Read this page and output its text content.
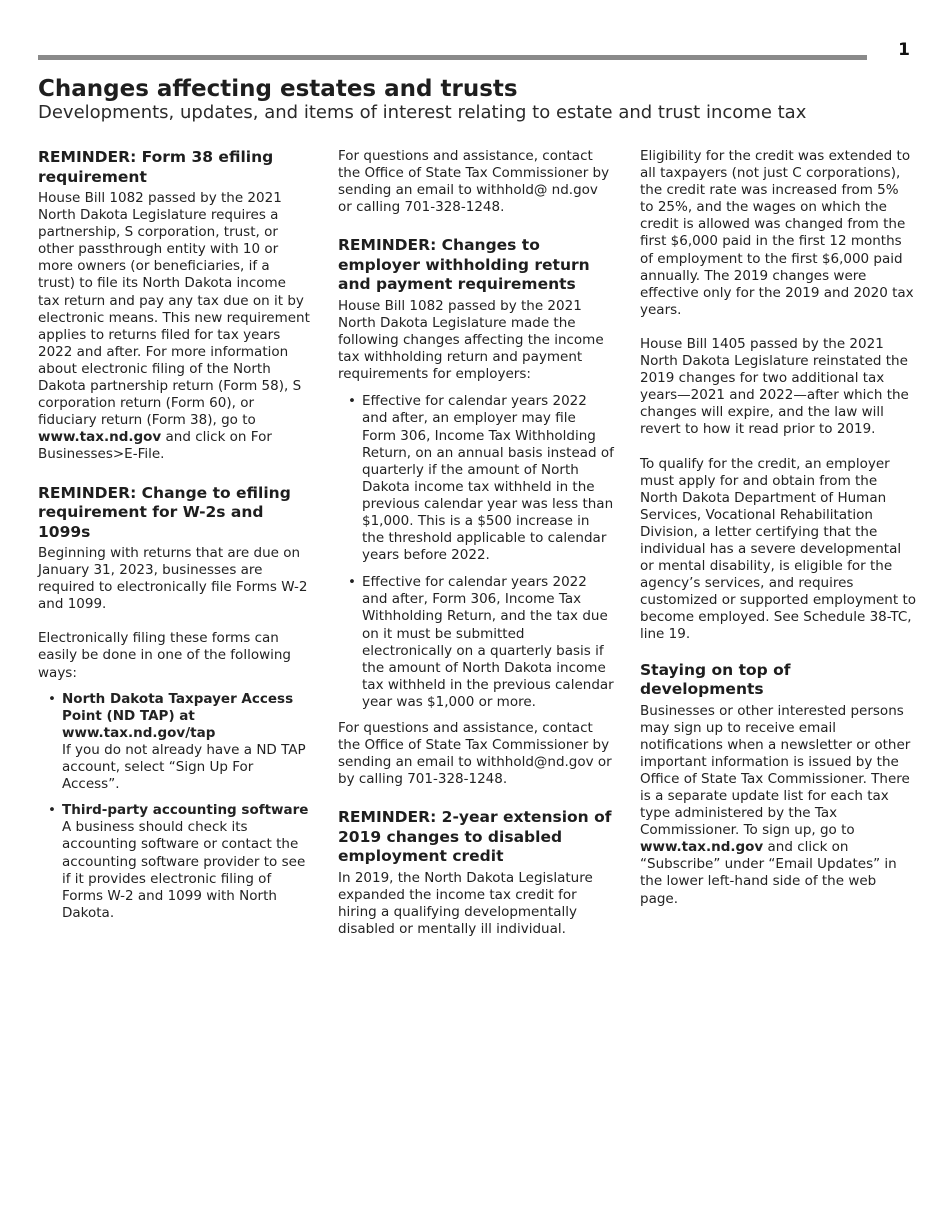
1
Changes affecting estates and trusts
Developments, updates, and items of interest relating to estate and trust income tax
REMINDER: Form 38 efiling requirement

House Bill 1082 passed by the 2021 North Dakota Legislature requires a partnership, S corporation, trust, or other passthrough entity with 10 or more owners (or beneficiaries, if a trust) to file its North Dakota income tax return and pay any tax due on it by electronic means. This new requirement applies to returns filed for tax years 2022 and after. For more information about electronic filing of the North Dakota partnership return (Form 58), S corporation return (Form 60), or fiduciary return (Form 38), go to www.tax.nd.gov and click on For Businesses>E-File.

REMINDER: Change to efiling requirement for W-2s and 1099s

Beginning with returns that are due on January 31, 2023, businesses are required to electronically file Forms W-2 and 1099.

Electronically filing these forms can easily be done in one of the following ways:

• North Dakota Taxpayer Access Point (ND TAP) at www.tax.nd.gov/tap
If you do not already have a ND TAP account, select “Sign Up For Access”.
• Third-party accounting software
A business should check its accounting software or contact the accounting software provider to see if it provides electronic filing of Forms W-2 and 1099 with North Dakota.

For questions and assistance, contact the Office of State Tax Commissioner by sending an email to withhold@ nd.gov or calling 701-328-1248.

REMINDER: Changes to employer withholding return and payment requirements

House Bill 1082 passed by the 2021 North Dakota Legislature made the following changes affecting the income tax withholding return and payment requirements for employers:

• Effective for calendar years 2022 and after, an employer may file Form 306, Income Tax Withholding Return, on an annual basis instead of quarterly if the amount of North Dakota income tax withheld in the previous calendar year was less than $1,000. This is a $500 increase in the threshold applicable to calendar years before 2022.
• Effective for calendar years 2022 and after, Form 306, Income Tax Withholding Return, and the tax due on it must be submitted electronically on a quarterly basis if the amount of North Dakota income tax withheld in the previous calendar year was $1,000 or more.

For questions and assistance, contact the Office of State Tax Commissioner by sending an email to withhold@nd.gov or by calling 701-328-1248.

REMINDER: 2-year extension of 2019 changes to disabled employment credit

In 2019, the North Dakota Legislature expanded the income tax credit for hiring a qualifying developmentally disabled or mentally ill individual.

Eligibility for the credit was extended to all taxpayers (not just C corporations), the credit rate was increased from 5% to 25%, and the wages on which the credit is allowed was changed from the first $6,000 paid in the first 12 months of employment to the first $6,000 paid annually. The 2019 changes were effective only for the 2019 and 2020 tax years.

House Bill 1405 passed by the 2021 North Dakota Legislature reinstated the 2019 changes for two additional tax years—2021 and 2022—after which the changes will expire, and the law will revert to how it read prior to 2019.

To qualify for the credit, an employer must apply for and obtain from the North Dakota Department of Human Services, Vocational Rehabilitation Division, a letter certifying that the individual has a severe developmental or mental disability, is eligible for the agency’s services, and requires customized or supported employment to become employed. See Schedule 38-TC, line 19.

Staying on top of developments

Businesses or other interested persons may sign up to receive email notifications when a newsletter or other important information is issued by the Office of State Tax Commissioner. There is a separate update list for each tax type administered by the Tax Commissioner. To sign up, go to www.tax.nd.gov and click on “Subscribe” under “Email Updates” in the lower left-hand side of the web page.
